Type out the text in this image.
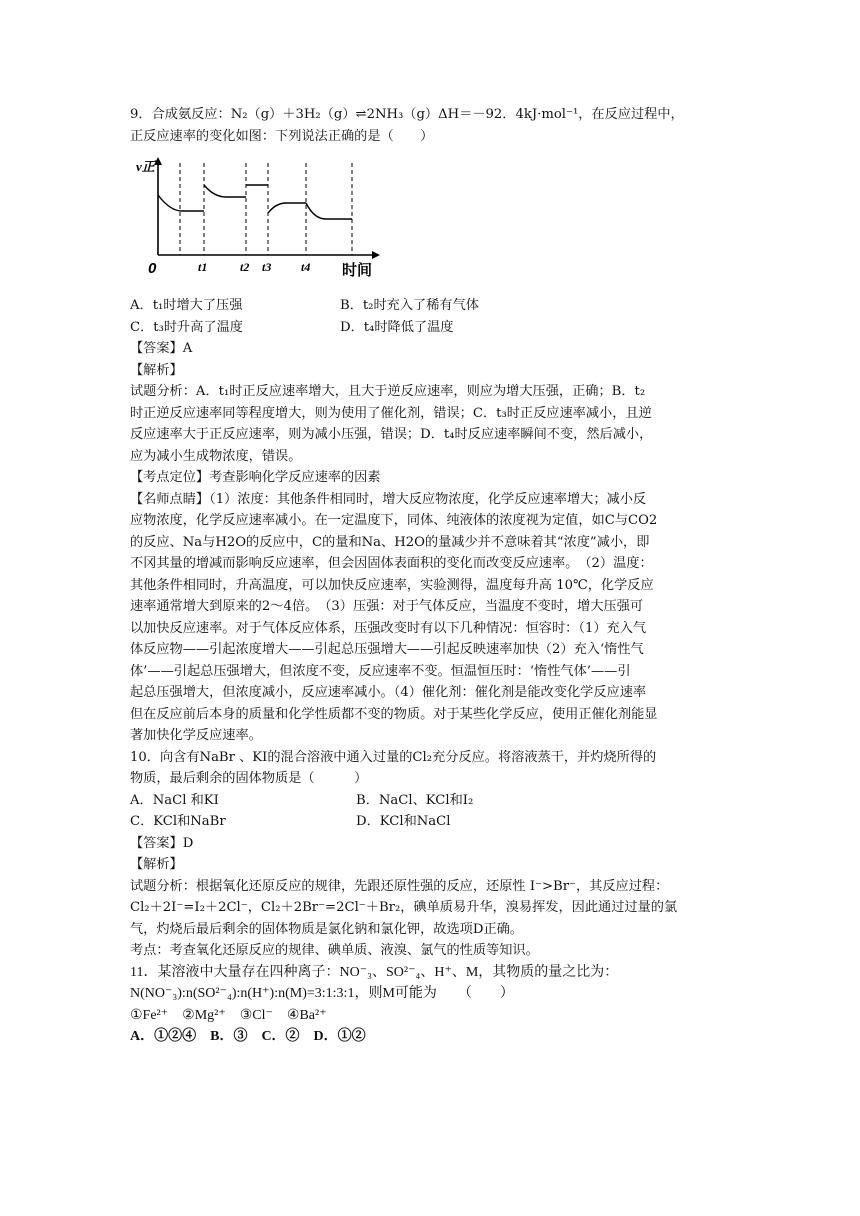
9．合成氨反应：N₂（g）＋3H₂（g）⇌2NH₃（g）ΔH＝－92．4kJ·mol⁻¹，在反应过程中，
正反应速率的变化如图：下列说法正确的是（　　）
v正
0	t1	t2 t3 t4 时间
A．t₁时增大了压强	B．t₂时充入了稀有气体
C．t₃时升高了温度	D．t₄时降低了温度
【答案】A
【解析】
试题分析：A．t₁时正反应速率增大，且大于逆反应速率，则应为增大压强，正确；B．t₂
时正逆反应速率同等程度增大，则为使用了催化剂，错误；C．t₃时正反应速率减小，且逆
反应速率大于正反应速率，则为减小压强，错误；D．t₄时反应速率瞬间不变，然后减小，
应为减小生成物浓度，错误。
【考点定位】考查影响化学反应速率的因素
【名师点睛】（1）浓度：其他条件相同时，增大反应物浓度，化学反应速率增大；减小反
应物浓度，化学反应速率减小。在一定温度下，同体、纯液体的浓度视为定值，如C与CO2
的反应、Na与H2O的反应中，C的量和Na、H2O的量减少并不意味着其“浓度”减小，即
不冈其量的增减而影响反应速率，但会因固体表面积的变化而改变反应速率。　（2）温度：
其他条件相同时，升高温度，可以加快反应速率，实验测得，温度每升高 10℃，化学反应
速率通常增大到原来的2～4倍。　（3）压强：对于气体反应，当温度不变时，增大压强可
以加快反应速率。对于气体反应体系，压强改变时有以下几种情况：恒容时：（1）充入气
体反应物——引起浓度增大——引起总压强增大——引起反映速率加快（2）充入‘惰性气
体’——引起总压强增大，但浓度不变，反应速率不变。恒温恒压时：‘惰性气体’——引
起总压强增大，但浓度减小，反应速率减小。（4）催化剂：催化剂是能改变化学反应速率
但在反应前后本身的质量和化学性质都不变的物质。对于某些化学反应，使用正催化剂能显
著加快化学反应速率。
10．向含有NaBr 、KI的混合溶液中通入过量的Cl₂充分反应。将溶液蒸干，并灼烧所得的
物质，最后剩余的固体物质是（　　　）
A．NaCl 和KI	B．NaCl、KCl和I₂
C．KCl和NaBr	D．KCl和NaCl
【答案】D
【解析】
试题分析：根据氧化还原反应的规律，先跟还原性强的反应，还原性 I⁻>Br⁻，其反应过程：
Cl₂＋2I⁻=I₂＋2Cl⁻，Cl₂＋2Br⁻=2Cl⁻＋Br₂，碘单质易升华，溴易挥发，因此通过过量的氯
气，灼烧后最后剩余的固体物质是氯化钠和氯化钾，故选项D正确。
考点：考查氧化还原反应的规律、碘单质、液溴、氯气的性质等知识。
11．某溶液中大量存在四种离子：NO⁻₃、SO²⁻₄、H⁺、M，其物质的量之比为：
N(NO⁻₃):n(SO²⁻₄):n(H⁺):n(M)=3:1:3:1，则M可能为　　（　　）
①Fe²⁺　②Mg²⁺　③Cl⁻　④Ba²⁺
A．①②④　B．③　C．②　D．①②
